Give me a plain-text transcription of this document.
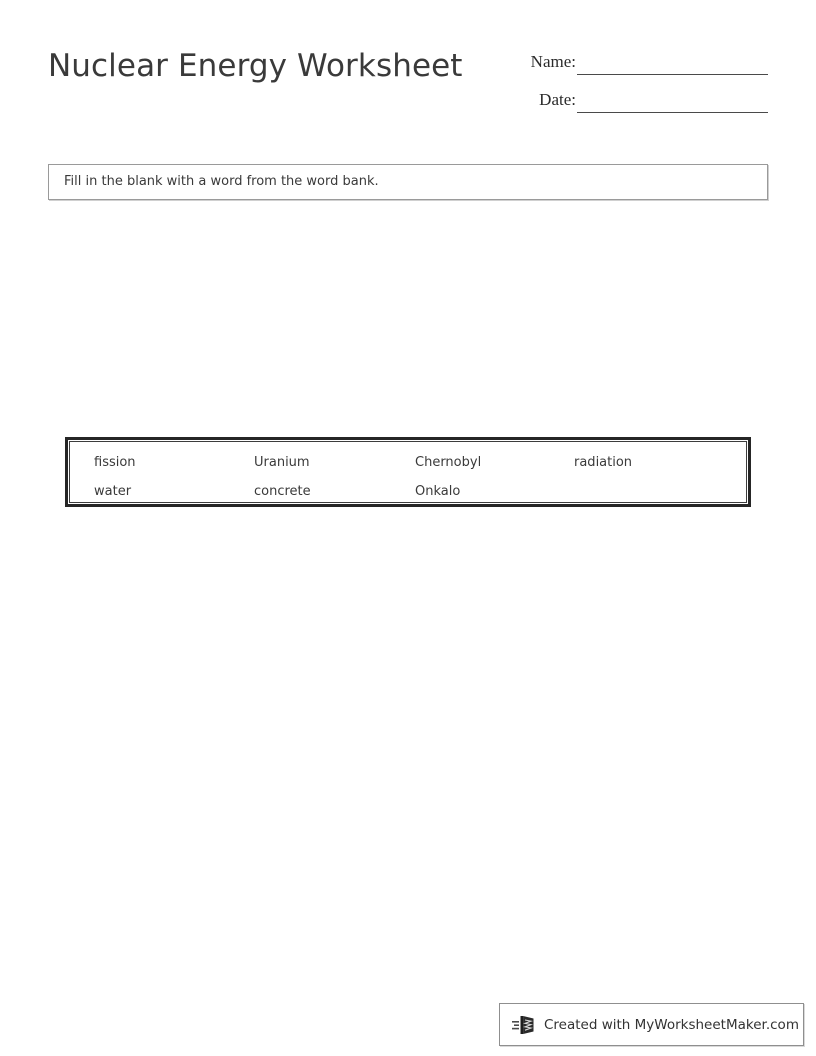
Nuclear Energy Worksheet	Name:
Date:
Fill in the blank with a word from the word bank.
fission	Uranium	Chernobyl	radiation
water	concrete	Onkalo
Created with MyWorksheetMaker.com
